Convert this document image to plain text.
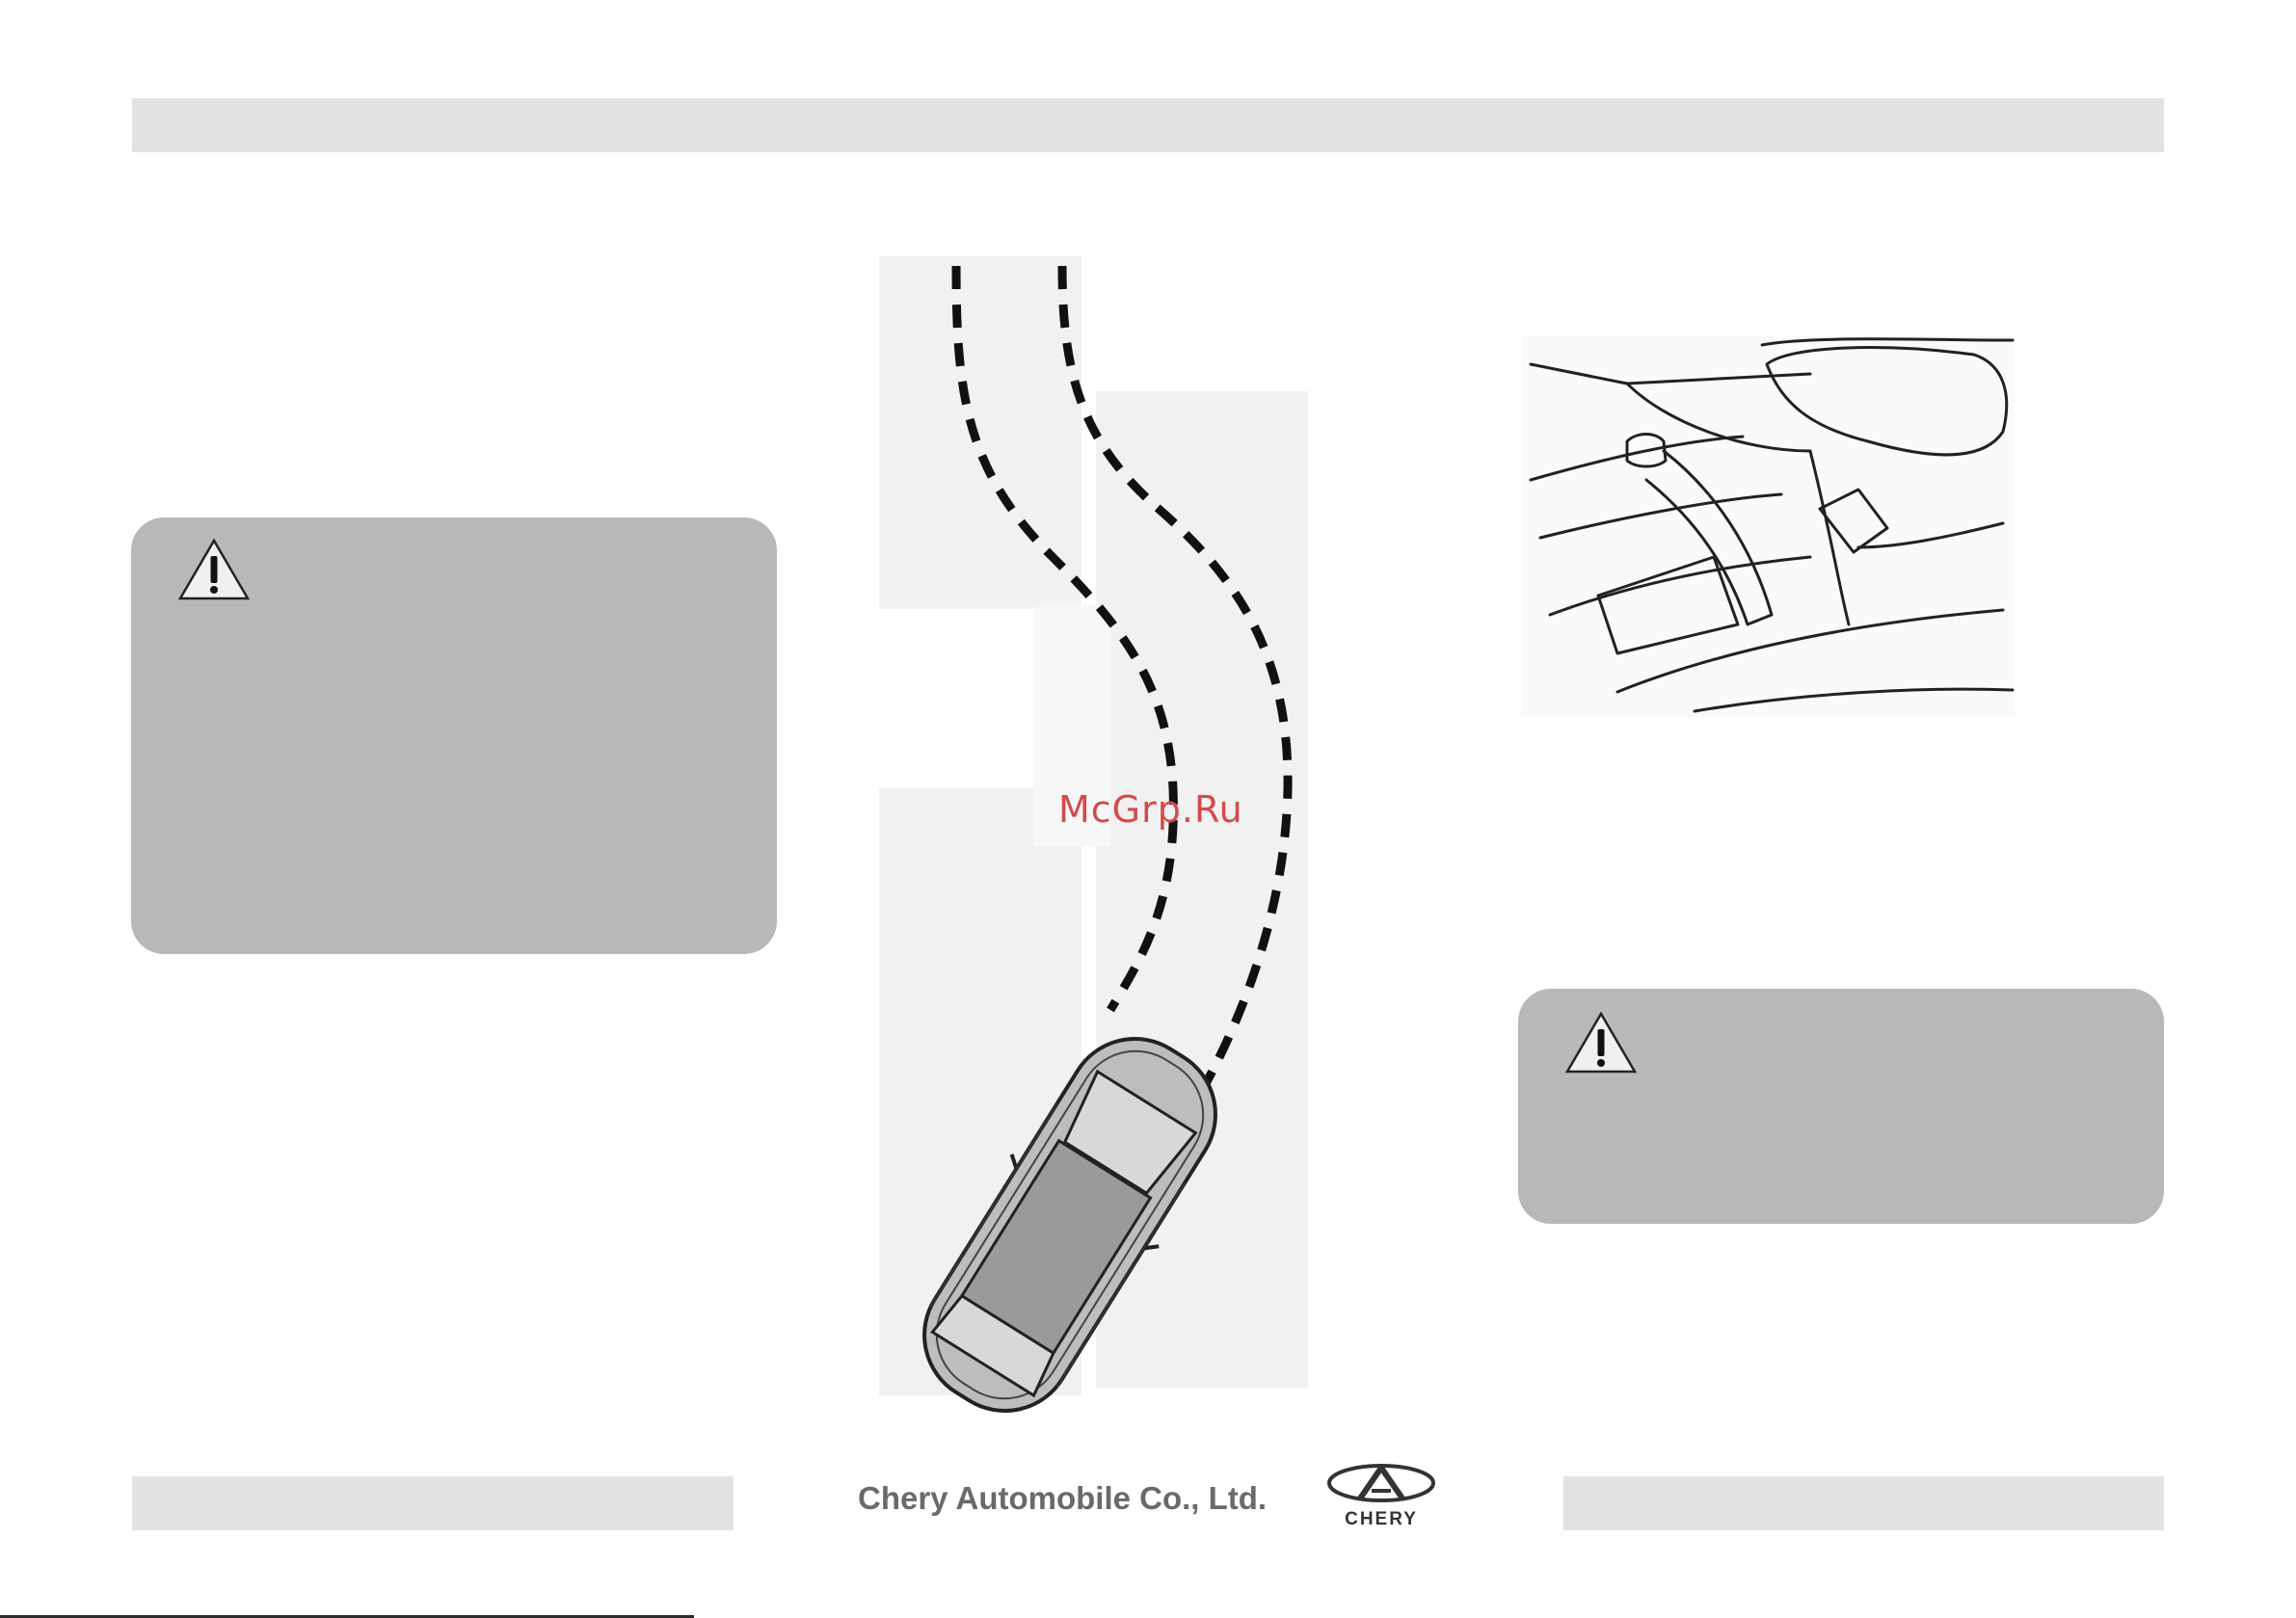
McGrp.Ru
Chery Automobile Co., Ltd.
CHERY
